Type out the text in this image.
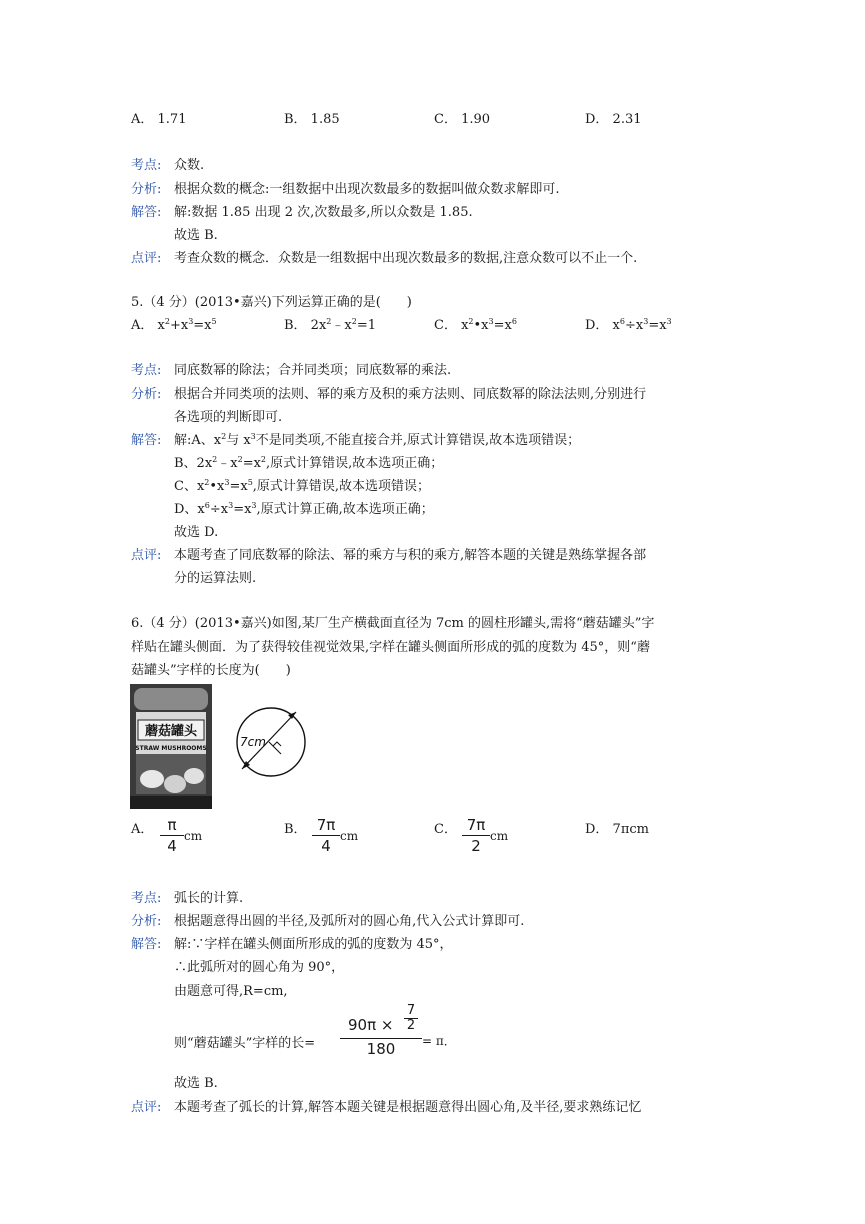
A． 1.71	B． 1.85	C． 1.90	D． 2.31
考点: 众数.
分析: 根据众数的概念:一组数据中出现次数最多的数据叫做众数求解即可.
解答: 解:数据 1.85 出现 2 次,次数最多,所以众数是 1.85.
故选 B.
点评: 考查众数的概念．众数是一组数据中出现次数最多的数据,注意众数可以不止一个.
5.（4 分）(2013•嘉兴)下列运算正确的是(　　)
A． $x^2+x^3=x^5$	B． $2x^2﹣x^2=1$	C． $x^2•x^3=x^6$	D． $x^6\div x^3=x^3$
考点: 同底数幂的除法；合并同类项；同底数幂的乘法.
分析: 根据合并同类项的法则、幂的乘方及积的乘方法则、同底数幂的除法法则,分别进行
各选项的判断即可.
解答: 解:A、$x^2$与 $x^3$不是同类项,不能直接合并,原式计算错误,故本选项错误；
B、$2x^2﹣x^2=x^2$,原式计算错误,故本选项正确；
C、$x^2•x^3=x^5$,原式计算错误,故本选项错误；
D、$x^6\div x^3=x^3$,原式计算正确,故本选项正确；
故选 D.
点评: 本题考查了同底数幂的除法、幂的乘方与积的乘方,解答本题的关键是熟练掌握各部
分的运算法则.
6.（4 分）(2013•嘉兴)如图,某厂生产横截面直径为 7cm 的圆柱形罐头,需将“蘑菇罐头”字
样贴在罐头侧面．为了获得较佳视觉效果,字样在罐头侧面所形成的弧的度数为 45°，则“蘑
菇罐头”字样的长度为(　　)
蘑菇罐头
STRAW MUSHROOMS	7cm
A． π
4
cm	B． 7π
4
cm	C． 7π
2
cm	D． 7πcm
考点: 弧长的计算.
分析: 根据题意得出圆的半径,及弧所对的圆心角,代入公式计算即可.
解答: 解:∵字样在罐头侧面所形成的弧的度数为 45°，
∴此弧所对的圆心角为 90°，
由题意可得,R=cm,
则“蘑菇罐头”字样的长=
90π ×
7
2
180	= π．
故选 B.
点评: 本题考查了弧长的计算,解答本题关键是根据题意得出圆心角,及半径,要求熟练记忆
